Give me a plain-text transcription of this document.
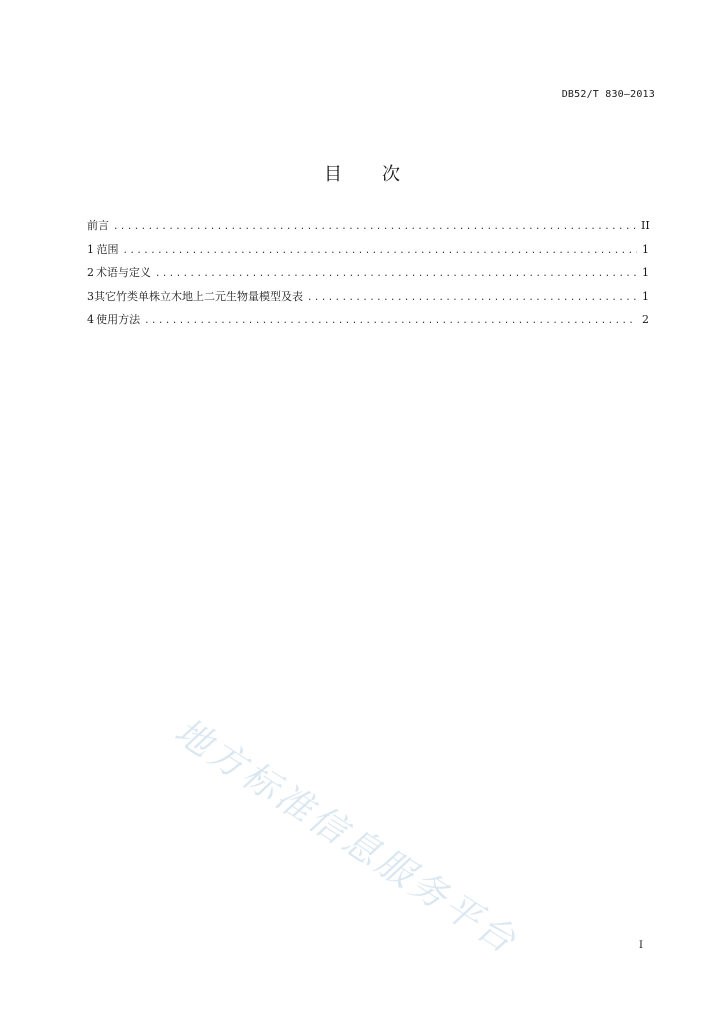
DB52/T 830—2013
目 次
前言 .....	II
1 范围 .....	1
2 术语与定义 .....	1
3 其它竹类单株立木地上二元生物量模型及表 .....	1
4 使用方法 .....	2
地方标准信息服务平台	I
